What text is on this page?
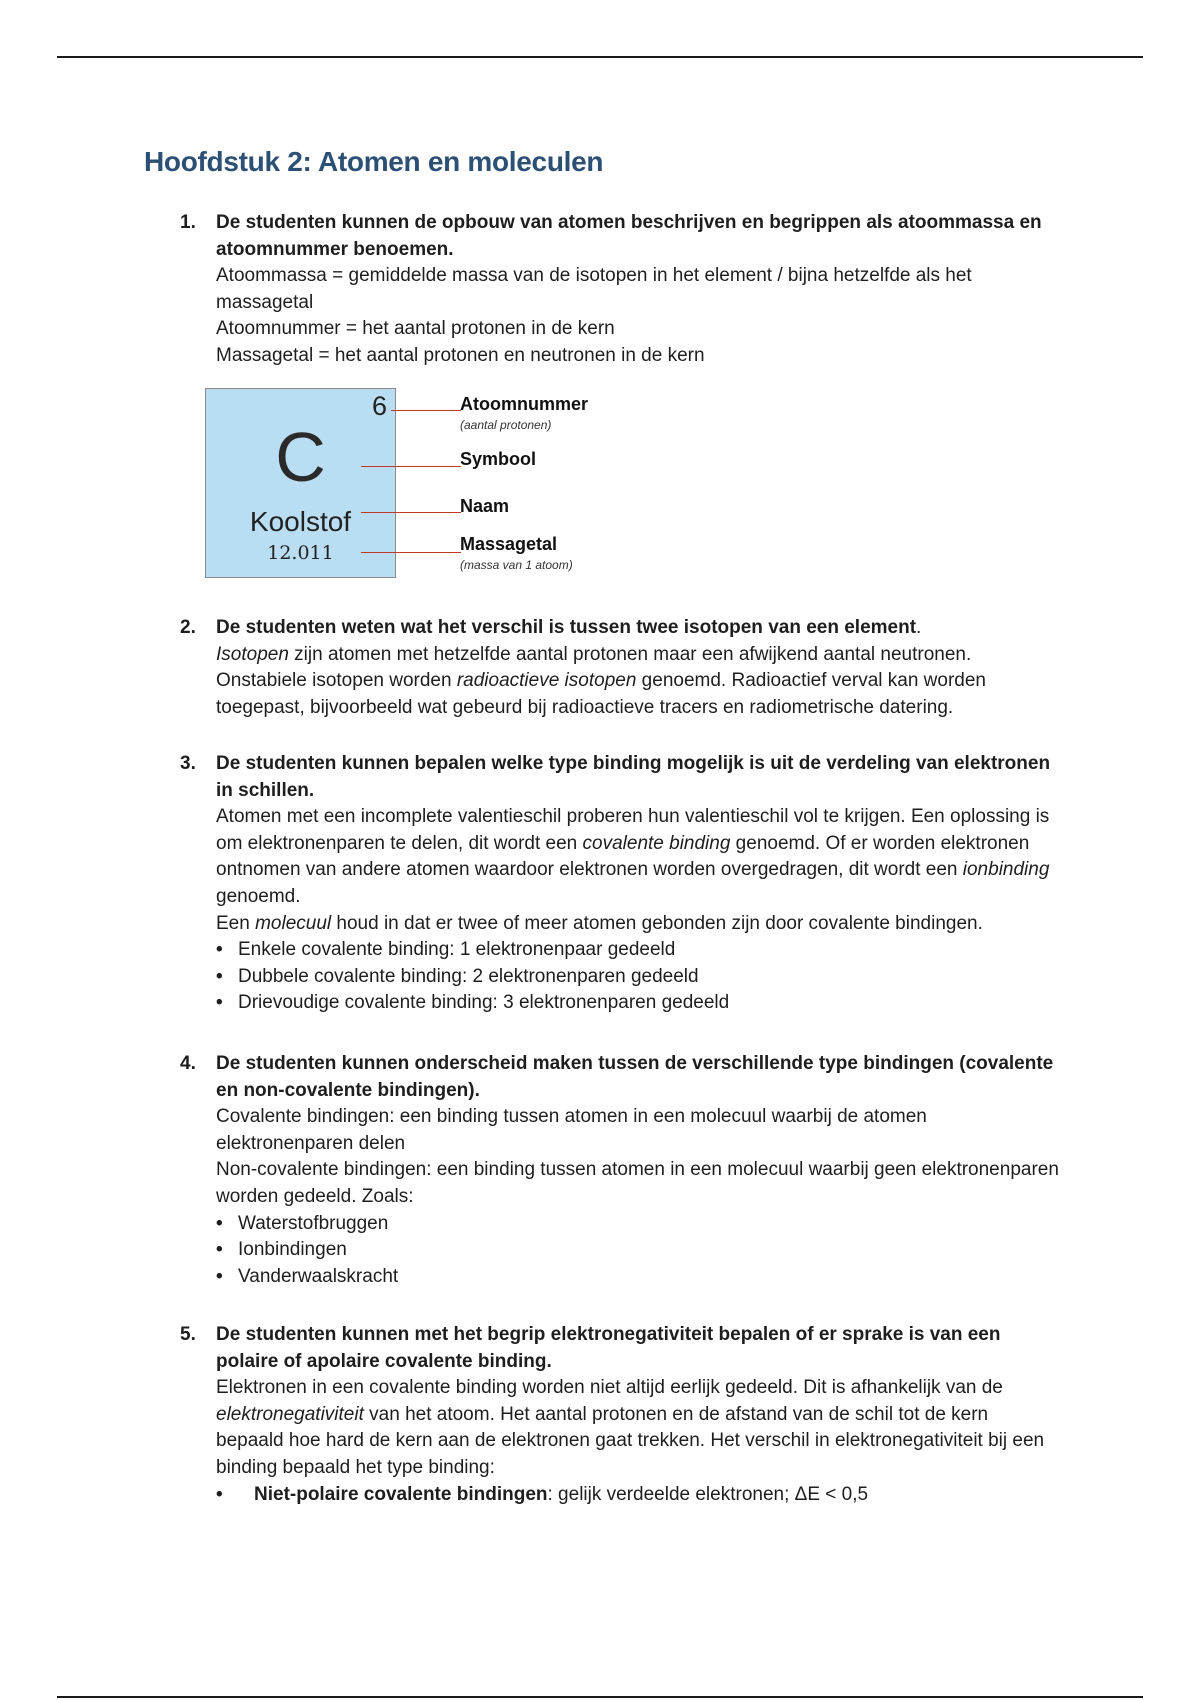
Hoofdstuk 2: Atomen en moleculen
1. De studenten kunnen de opbouw van atomen beschrijven en begrippen als atoommassa en atoomnummer benoemen.

Atoommassa = gemiddelde massa van de isotopen in het element / bijna hetzelfde als het massagetal

Atoomnummer = het aantal protonen in de kern

Massagetal = het aantal protonen en neutronen in de kern

6
C
Koolstof
12.011
Atoomnummer
(aantal protonen)
Symbool
Naam
Massagetal
(massa van 1 atoom)
2. De studenten weten wat het verschil is tussen twee isotopen van een element.

Isotopen zijn atomen met hetzelfde aantal protonen maar een afwijkend aantal neutronen.

Onstabiele isotopen worden radioactieve isotopen genoemd. Radioactief verval kan worden toegepast, bijvoorbeeld wat gebeurd bij radioactieve tracers en radiometrische datering.

3. De studenten kunnen bepalen welke type binding mogelijk is uit de verdeling van elektronen in schillen.

Atomen met een incomplete valentieschil proberen hun valentieschil vol te krijgen. Een oplossing is om elektronenparen te delen, dit wordt een covalente binding genoemd. Of er worden elektronen ontnomen van andere atomen waardoor elektronen worden overgedragen, dit wordt een ionbinding genoemd.

Een molecuul houd in dat er twee of meer atomen gebonden zijn door covalente bindingen.

• Enkele covalente binding: 1 elektronenpaar gedeeld
• Dubbele covalente binding: 2 elektronenparen gedeeld
• Drievoudige covalente binding: 3 elektronenparen gedeeld
4. De studenten kunnen onderscheid maken tussen de verschillende type bindingen (covalente en non-covalente bindingen).

Covalente bindingen: een binding tussen atomen in een molecuul waarbij de atomen elektronenparen delen

Non-covalente bindingen: een binding tussen atomen in een molecuul waarbij geen elektronenparen worden gedeeld. Zoals:

• Waterstofbruggen
• Ionbindingen
• Vanderwaalskracht
5. De studenten kunnen met het begrip elektronegativiteit bepalen of er sprake is van een polaire of apolaire covalente binding.

Elektronen in een covalente binding worden niet altijd eerlijk gedeeld. Dit is afhankelijk van de elektronegativiteit van het atoom. Het aantal protonen en de afstand van de schil tot de kern bepaald hoe hard de kern aan de elektronen gaat trekken. Het verschil in elektronegativiteit bij een binding bepaald het type binding:

• Niet-polaire covalente bindingen: gelijk verdeelde elektronen; ΔE < 0,5
